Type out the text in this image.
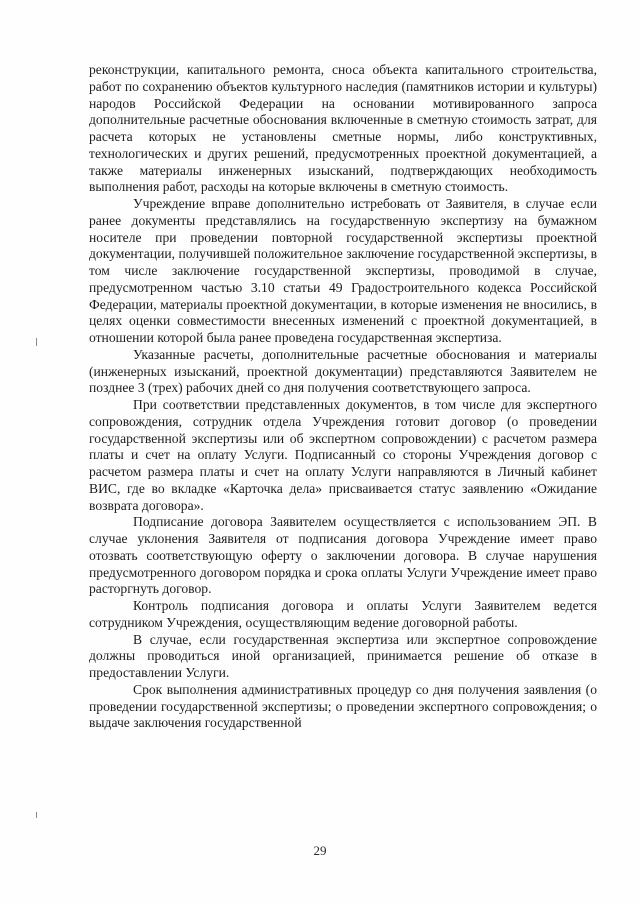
реконструкции, капитального ремонта, сноса объекта капитального строительства, работ по сохранению объектов культурного наследия (памятников истории и культуры) народов Российской Федерации на основании мотивированного запроса дополнительные расчетные обоснования включенные в сметную стоимость затрат, для расчета которых не установлены сметные нормы, либо конструктивных, технологических и других решений, предусмотренных проектной документацией, а также материалы инженерных изысканий, подтверждающих необходимость выполнения работ, расходы на которые включены в сметную стоимость.

Учреждение вправе дополнительно истребовать от Заявителя, в случае если ранее документы представлялись на государственную экспертизу на бумажном носителе при проведении повторной государственной экспертизы проектной документации, получившей положительное заключение государственной экспертизы, в том числе заключение государственной экспертизы, проводимой в случае, предусмотренном частью 3.10 статьи 49 Градостроительного кодекса Российской Федерации, материалы проектной документации, в которые изменения не вносились, в целях оценки совместимости внесенных изменений с проектной документацией, в отношении которой была ранее проведена государственная экспертиза.

Указанные расчеты, дополнительные расчетные обоснования и материалы (инженерных изысканий, проектной документации) представляются Заявителем не позднее 3 (трех) рабочих дней со дня получения соответствующего запроса.

При соответствии представленных документов, в том числе для экспертного сопровождения, сотрудник отдела Учреждения готовит договор (о проведении государственной экспертизы или об экспертном сопровождении) с расчетом размера платы и счет на оплату Услуги. Подписанный со стороны Учреждения договор с расчетом размера платы и счет на оплату Услуги направляются в Личный кабинет ВИС, где во вкладке «Карточка дела» присваивается статус заявлению «Ожидание возврата договора».

Подписание договора Заявителем осуществляется с использованием ЭП. В случае уклонения Заявителя от подписания договора Учреждение имеет право отозвать соответствующую оферту о заключении договора. В случае нарушения предусмотренного договором порядка и срока оплаты Услуги Учреждение имеет право расторгнуть договор.

Контроль подписания договора и оплаты Услуги Заявителем ведется сотрудником Учреждения, осуществляющим ведение договорной работы.

В случае, если государственная экспертиза или экспертное сопровождение должны проводиться иной организацией, принимается решение об отказе в предоставлении Услуги.

Срок выполнения административных процедур со дня получения заявления (о проведении государственной экспертизы; о проведении экспертного сопровождения; о выдаче заключения государственной

29
